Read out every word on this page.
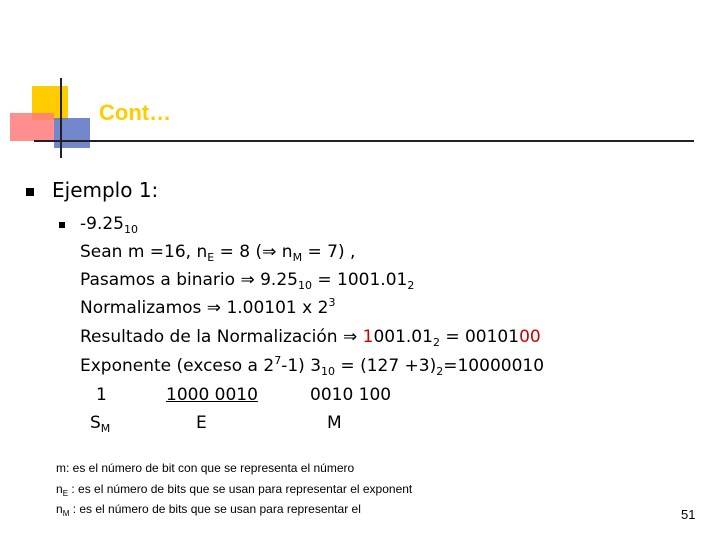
Cont…
Ejemplo 1:
$-9.25_{10}$
Sean m =16, $n_E = 8$ (⇒ $n_M = 7$) ,
Pasamos a binario ⇒ $9.25_{10} = 1001.01_2$
Normalizamos ⇒ 1.00101 x $2^3$
Resultado de la Normalización ⇒ $1001.01_2 = 0010100$
Exponente (exceso a $2^7-1$) $3_{10} = (127 +3)_2=10000010$
1	1000 0010	0010 100
$S_M$	E	M
m: es el número de bit con que se representa el número
$n_E$ : es el número de bits que se usan para representar el exponent
$n_M$ : es el número de bits que se usan para representar el	51
